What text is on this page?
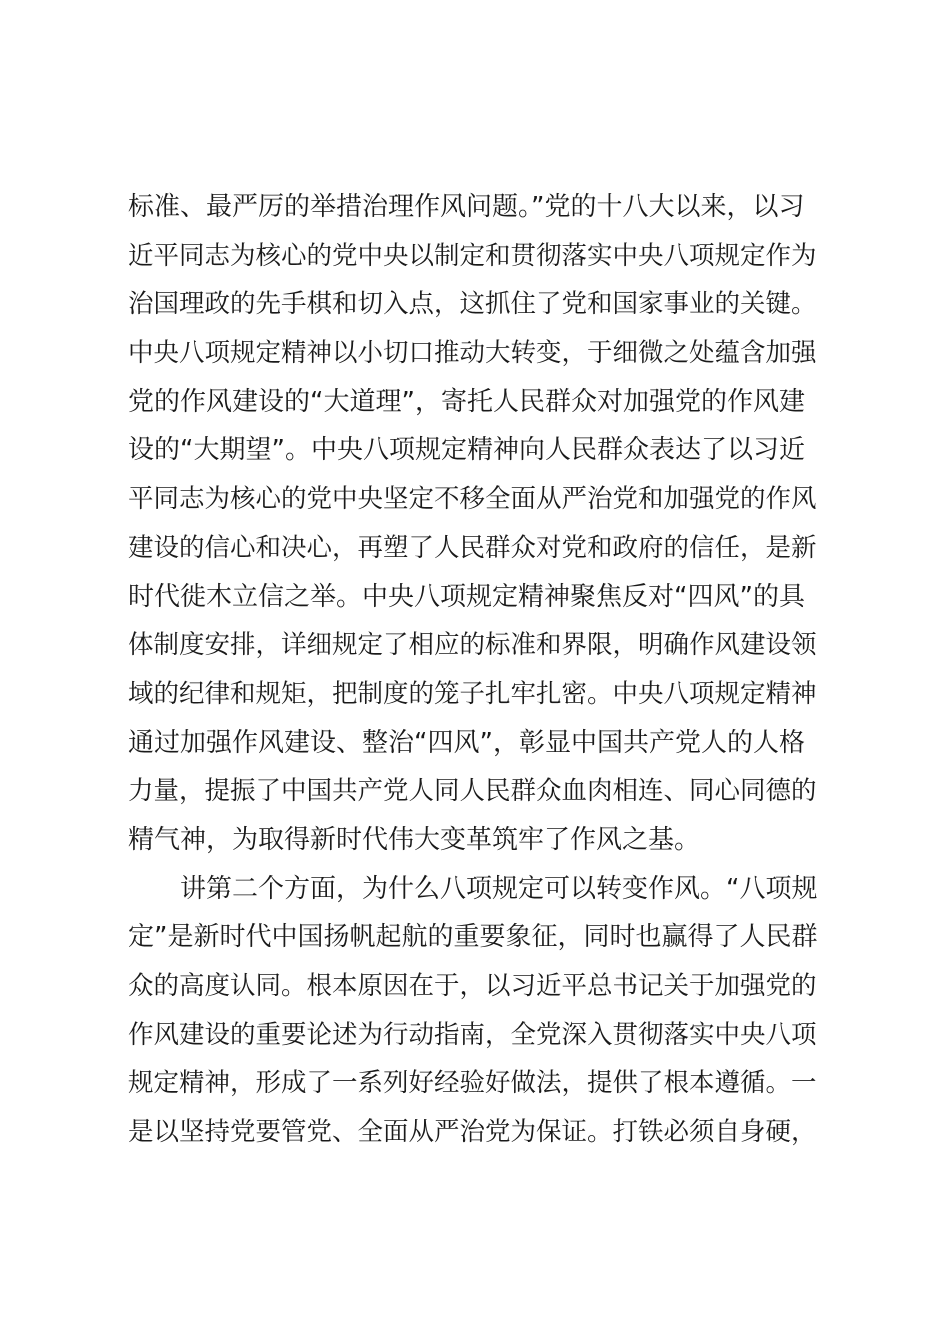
标准、最严厉的举措治理作风问题。”党的十八大以来，以习
近平同志为核心的党中央以制定和贯彻落实中央八项规定作为
治国理政的先手棋和切入点，这抓住了党和国家事业的关键。
中央八项规定精神以小切口推动大转变，于细微之处蕴含加强
党的作风建设的“大道理”，寄托人民群众对加强党的作风建
设的“大期望”。中央八项规定精神向人民群众表达了以习近
平同志为核心的党中央坚定不移全面从严治党和加强党的作风
建设的信心和决心，再塑了人民群众对党和政府的信任，是新
时代徙木立信之举。中央八项规定精神聚焦反对“四风”的具
体制度安排，详细规定了相应的标准和界限，明确作风建设领
域的纪律和规矩，把制度的笼子扎牢扎密。中央八项规定精神
通过加强作风建设、整治“四风”，彰显中国共产党人的人格
力量，提振了中国共产党人同人民群众血肉相连、同心同德的
精气神，为取得新时代伟大变革筑牢了作风之基。
讲第二个方面，为什么八项规定可以转变作风。“八项规
定”是新时代中国扬帆起航的重要象征，同时也赢得了人民群
众的高度认同。根本原因在于，以习近平总书记关于加强党的
作风建设的重要论述为行动指南，全党深入贯彻落实中央八项
规定精神，形成了一系列好经验好做法，提供了根本遵循。一
是以坚持党要管党、全面从严治党为保证。打铁必须自身硬，
